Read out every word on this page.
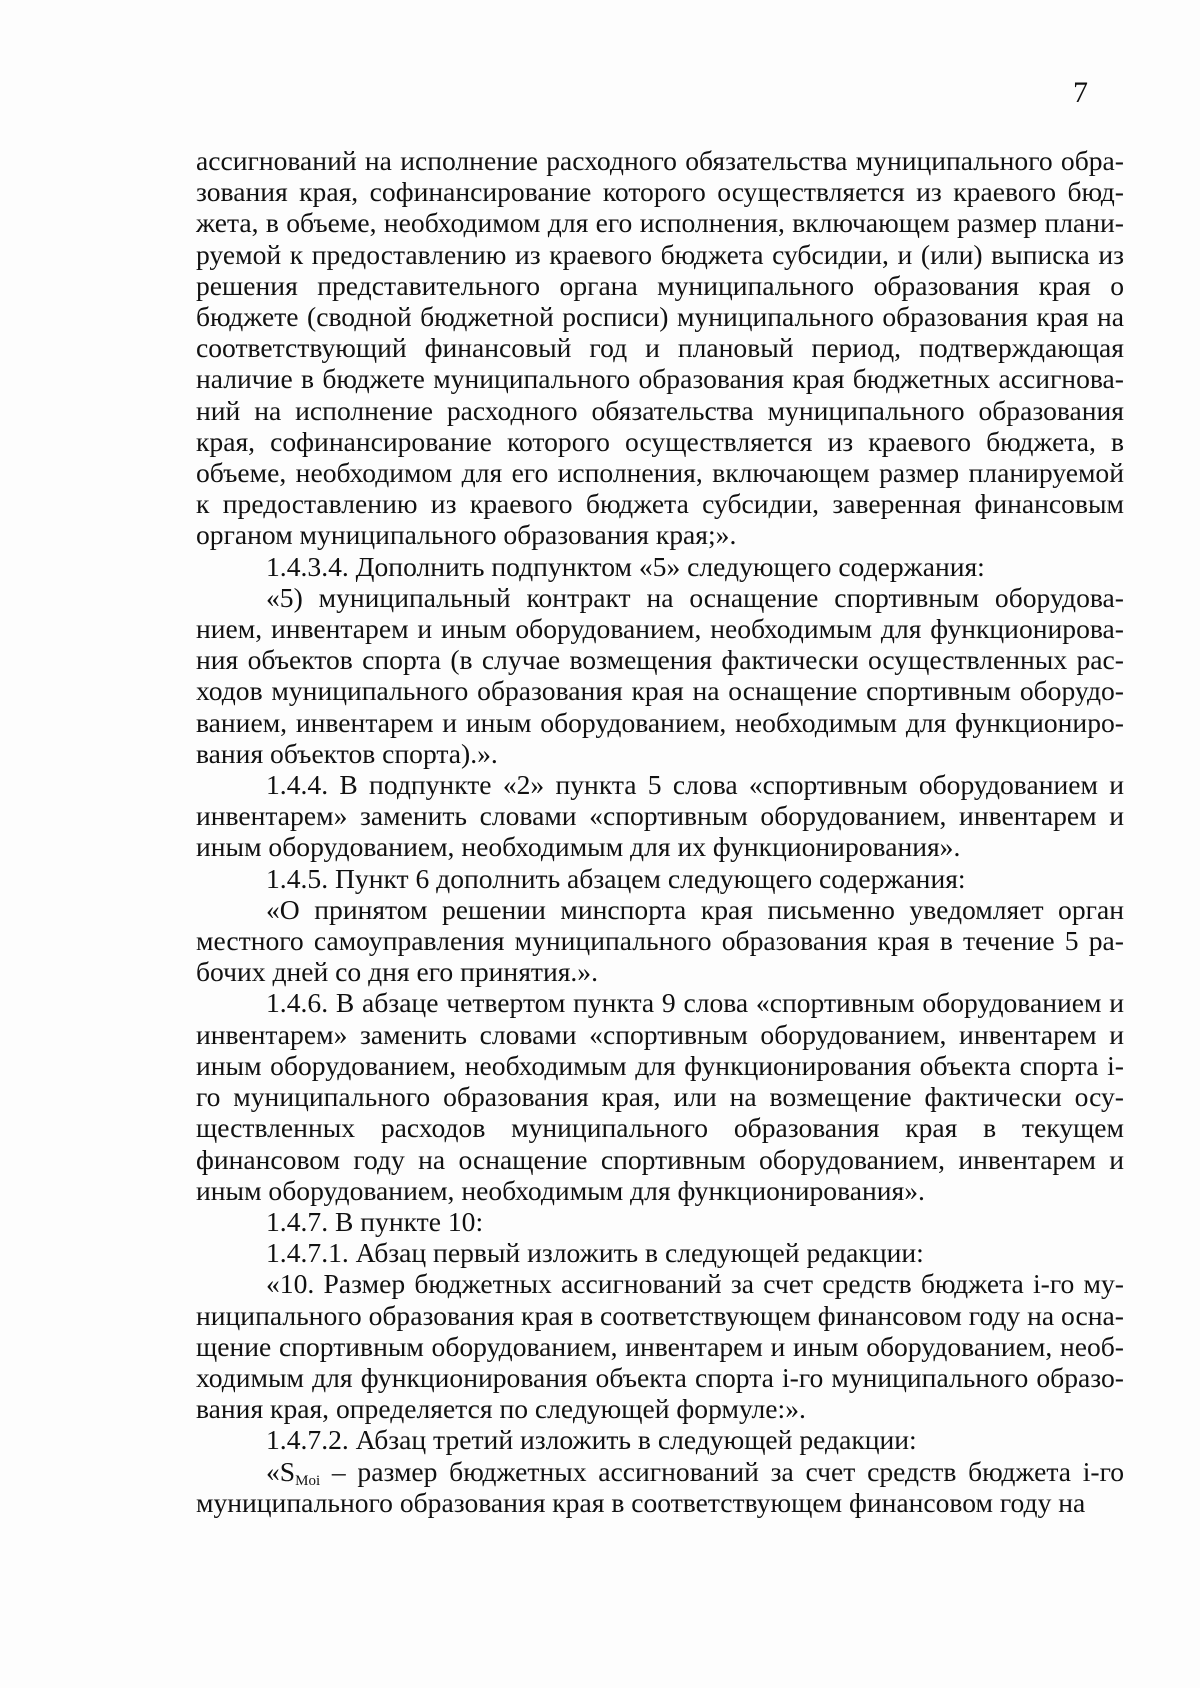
7

ассигнований на исполнение расходного обязательства муниципального образования края, софинансирование которого осуществляется из краевого бюджета, в объеме, необходимом для его исполнения, включающем размер планируемой к предоставлению из краевого бюджета субсидии, и (или) выписка из решения представительного органа муниципального образования края о бюджете (сводной бюджетной росписи) муниципального образования края на соответствующий финансовый год и плановый период, подтверждающая наличие в бюджете муниципального образования края бюджетных ассигнований на исполнение расходного обязательства муниципального образования края, софинансирование которого осуществляется из краевого бюджета, в объеме, необходимом для его исполнения, включающем размер планируемой к предоставлению из краевого бюджета субсидии, заверенная финансовым органом муниципального образования края;».

1.4.3.4. Дополнить подпунктом «5» следующего содержания:

«5) муниципальный контракт на оснащение спортивным оборудованием, инвентарем и иным оборудованием, необходимым для функционирования объектов спорта (в случае возмещения фактически осуществленных расходов муниципального образования края на оснащение спортивным оборудованием, инвентарем и иным оборудованием, необходимым для функционирования объектов спорта).».

1.4.4. В подпункте «2» пункта 5 слова «спортивным оборудованием и инвентарем» заменить словами «спортивным оборудованием, инвентарем и иным оборудованием, необходимым для их функционирования».

1.4.5. Пункт 6 дополнить абзацем следующего содержания:

«О принятом решении минспорта края письменно уведомляет орган местного самоуправления муниципального образования края в течение 5 рабочих дней со дня его принятия.».

1.4.6. В абзаце четвертом пункта 9 слова «спортивным оборудованием и инвентарем» заменить словами «спортивным оборудованием, инвентарем и иным оборудованием, необходимым для функционирования объекта спорта i-го муниципального образования края, или на возмещение фактически осуществленных расходов муниципального образования края в текущем финансовом году на оснащение спортивным оборудованием, инвентарем и иным оборудованием, необходимым для функционирования».

1.4.7. В пункте 10:

1.4.7.1. Абзац первый изложить в следующей редакции:

«10. Размер бюджетных ассигнований за счет средств бюджета i-го муниципального образования края в соответствующем финансовом году на оснащение спортивным оборудованием, инвентарем и иным оборудованием, необходимым для функционирования объекта спорта i-го муниципального образования края, определяется по следующей формуле:».

1.4.7.2. Абзац третий изложить в следующей редакции:

«$S_{Moi}$ – размер бюджетных ассигнований за счет средств бюджета i-го муниципального образования края в соответствующем финансовом году на
